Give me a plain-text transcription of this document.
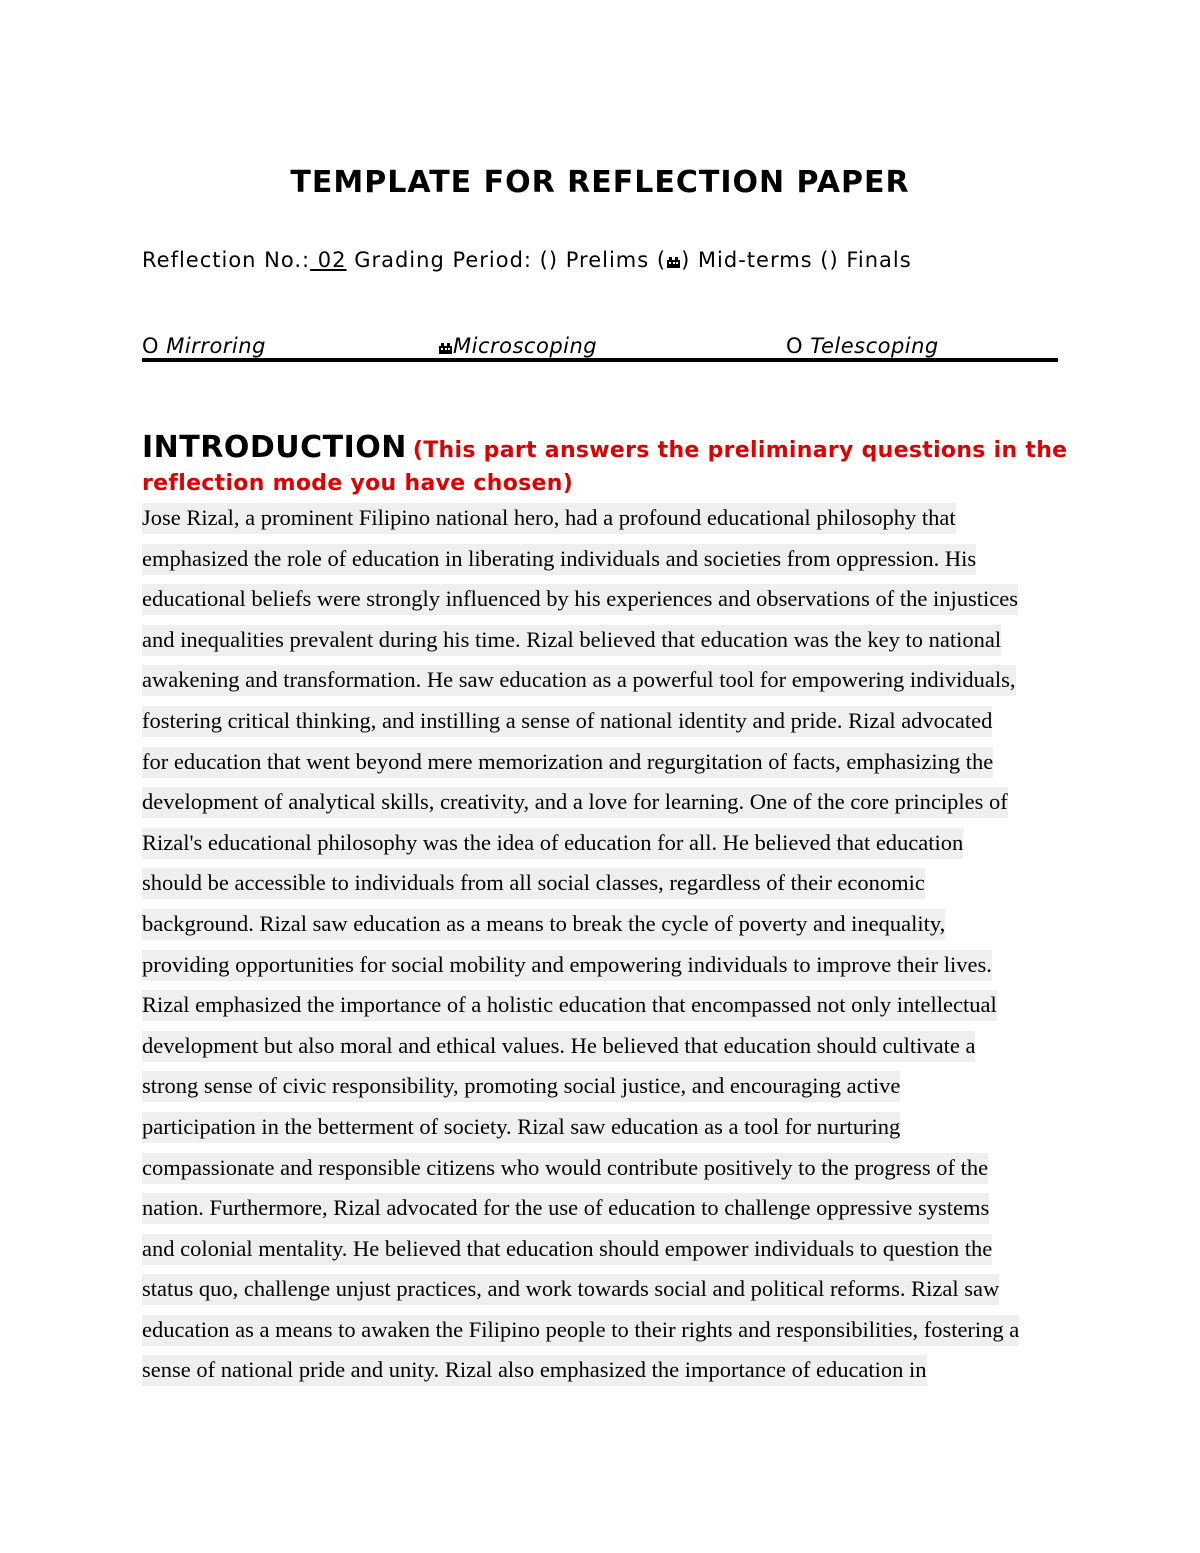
TEMPLATE FOR REFLECTION PAPER
Reflection No.: 02 Grading Period: () Prelims ( ) Mid-terms () Finals
O Mirroring	Microscoping	O Telescoping
INTRODUCTION (This part answers the preliminary questions in the reflection mode you have chosen)
Jose Rizal, a prominent Filipino national hero, had a profound educational philosophy that
emphasized the role of education in liberating individuals and societies from oppression. His
educational beliefs were strongly influenced by his experiences and observations of the injustices
and inequalities prevalent during his time. Rizal believed that education was the key to national
awakening and transformation. He saw education as a powerful tool for empowering individuals,
fostering critical thinking, and instilling a sense of national identity and pride. Rizal advocated
for education that went beyond mere memorization and regurgitation of facts, emphasizing the
development of analytical skills, creativity, and a love for learning. One of the core principles of
Rizal's educational philosophy was the idea of education for all. He believed that education
should be accessible to individuals from all social classes, regardless of their economic
background. Rizal saw education as a means to break the cycle of poverty and inequality,
providing opportunities for social mobility and empowering individuals to improve their lives.
Rizal emphasized the importance of a holistic education that encompassed not only intellectual
development but also moral and ethical values. He believed that education should cultivate a
strong sense of civic responsibility, promoting social justice, and encouraging active
participation in the betterment of society. Rizal saw education as a tool for nurturing
compassionate and responsible citizens who would contribute positively to the progress of the
nation. Furthermore, Rizal advocated for the use of education to challenge oppressive systems
and colonial mentality. He believed that education should empower individuals to question the
status quo, challenge unjust practices, and work towards social and political reforms. Rizal saw
education as a means to awaken the Filipino people to their rights and responsibilities, fostering a
sense of national pride and unity. Rizal also emphasized the importance of education in
